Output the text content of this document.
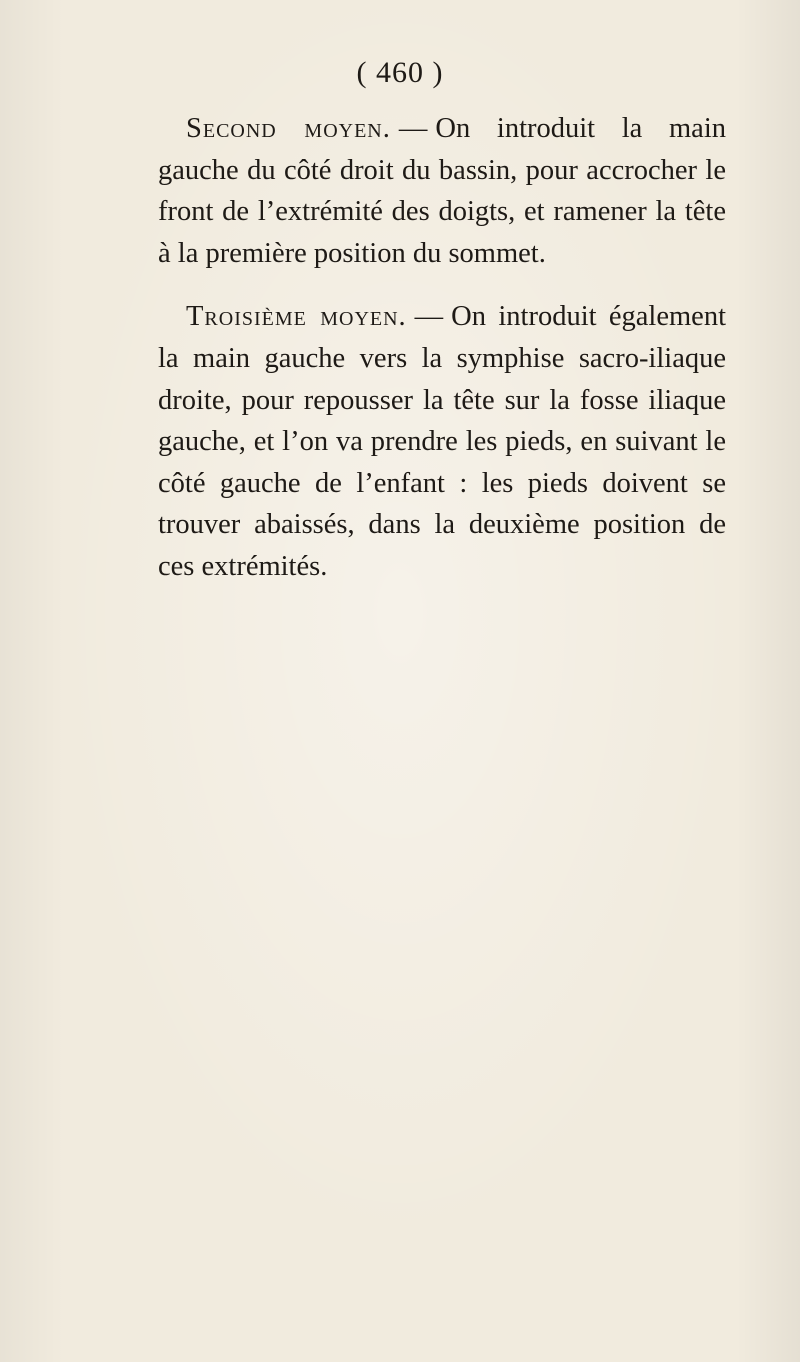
( 460 )

Second moyen. — On introduit la main gauche du côté droit du bassin, pour accrocher le front de l’extrémité des doigts, et ramener la tête à la première position du sommet.

Troisième moyen. — On introduit également la main gauche vers la symphise sacro-iliaque droite, pour repousser la tête sur la fosse iliaque gauche, et l’on va prendre les pieds, en suivant le côté gauche de l’enfant : les pieds doivent se trouver abaissés, dans la deuxième position de ces extrémités.
